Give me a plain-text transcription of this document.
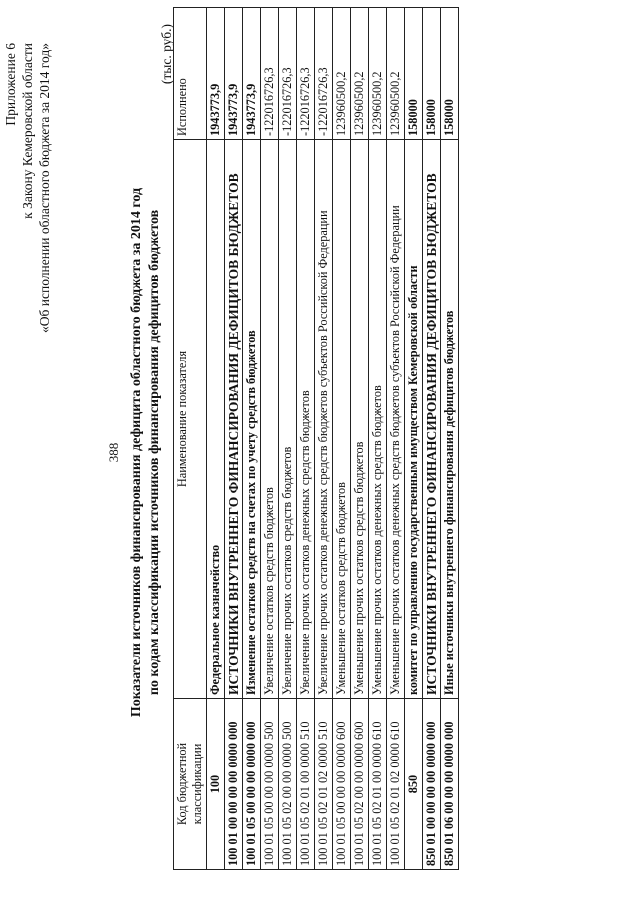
Приложение 6 к Закону Кемеровской области «Об исполнении областного бюджета за 2014 год»
388 Показатели источников финансирования дефицита областного бюджета за 2014 год по кодам классификации источников финансирования дефицитов бюджетов
(тыс. руб.)
Код бюджетной классификации	Наименование показателя	Исполнено
100	Федеральное казначейство	1943773,9
100 01 00 00 00 00 0000 000	ИСТОЧНИКИ ВНУТРЕННЕГО ФИНАНСИРОВАНИЯ ДЕФИЦИТОВ БЮДЖЕТОВ	1943773,9
100 01 05 00 00 00 0000 000	Изменение остатков средств на счетах по учету средств бюджетов	1943773,9
100 01 05 00 00 00 0000 500	Увеличение остатков средств бюджетов	-122016726,3
100 01 05 02 00 00 0000 500	Увеличение прочих остатков средств бюджетов	-122016726,3
100 01 05 02 01 00 0000 510	Увеличение прочих остатков денежных средств бюджетов	-122016726,3
100 01 05 02 01 02 0000 510	Увеличение прочих остатков денежных средств бюджетов субъектов Российской Федерации	-122016726,3
100 01 05 00 00 00 0000 600	Уменьшение остатков средств бюджетов	123960500,2
100 01 05 02 00 00 0000 600	Уменьшение прочих остатков средств бюджетов	123960500,2
100 01 05 02 01 00 0000 610	Уменьшение прочих остатков денежных средств бюджетов	123960500,2
100 01 05 02 01 02 0000 610	Уменьшение прочих остатков денежных средств бюджетов субъектов Российской Федерации	123960500,2
850	комитет по управлению государственным имуществом Кемеровской области	158000
850 01 00 00 00 00 0000 000	ИСТОЧНИКИ ВНУТРЕННЕГО ФИНАНСИРОВАНИЯ ДЕФИЦИТОВ БЮДЖЕТОВ	158000
850 01 06 00 00 00 0000 000	Иные источники внутреннего финансирования дефицитов бюджетов	158000
